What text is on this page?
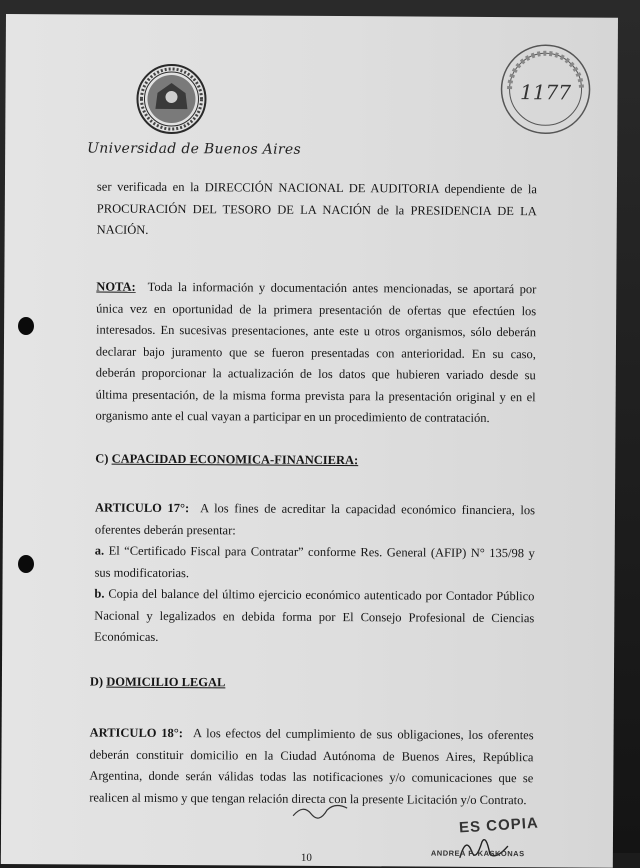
Universidad de Buenos Aires
1177
ser verificada en la DIRECCIÓN NACIONAL DE AUDITORIA dependiente de la PROCURACIÓN DEL TESORO DE LA NACIÓN de la PRESIDENCIA DE LA NACIÓN.
NOTA: Toda la información y documentación antes mencionadas, se aportará por única vez en oportunidad de la primera presentación de ofertas que efectúen los interesados. En sucesivas presentaciones, ante este u otros organismos, sólo deberán declarar bajo juramento que se fueron presentadas con anterioridad. En su caso, deberán proporcionar la actualización de los datos que hubieren variado desde su última presentación, de la misma forma prevista para la presentación original y en el organismo ante el cual vayan a participar en un procedimiento de contratación.
C) CAPACIDAD ECONOMICA-FINANCIERA:
ARTICULO 17°: A los fines de acreditar la capacidad económico financiera, los oferentes deberán presentar:
a. El “Certificado Fiscal para Contratar” conforme Res. General (AFIP) N° 135/98 y sus modificatorias.
b. Copia del balance del último ejercicio económico autenticado por Contador Público Nacional y legalizados en debida forma por El Consejo Profesional de Ciencias Económicas.
D) DOMICILIO LEGAL
ARTICULO 18°: A los efectos del cumplimiento de sus obligaciones, los oferentes deberán constituir domicilio en la Ciudad Autónoma de Buenos Aires, República Argentina, donde serán válidas todas las notificaciones y/o comunicaciones que se realicen al mismo y que tengan relación directa con la presente Licitación y/o Contrato.
10
ES COPIA
ANDREA F. KASKONAS
